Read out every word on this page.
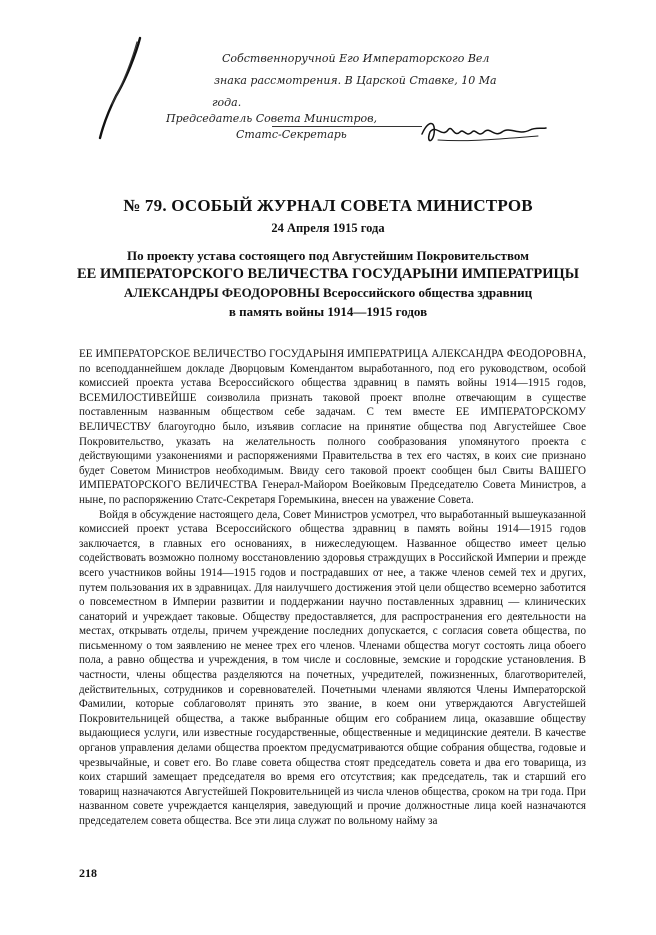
Собственноручной Его Императорского Вел
знака рассмотрения. В Царской Ставке, 10 Ма
года.
Председатель Совета Министров,
Статс-Секретарь
№ 79. ОСОБЫЙ ЖУРНАЛ СОВЕТА МИНИСТРОВ
24 Апреля 1915 года
По проекту устава состоящего под Августейшим Покровительством
ЕЕ ИМПЕРАТОРСКОГО ВЕЛИЧЕСТВА ГОСУДАРЫНИ ИМПЕРАТРИЦЫ
АЛЕКСАНДРЫ ФЕОДОРОВНЫ Всероссийского общества здравниц
в память войны 1914—1915 годов

ЕЕ ИМПЕРАТОРСКОЕ ВЕЛИЧЕСТВО ГОСУДАРЫНЯ ИМПЕРАТРИЦА АЛЕКСАНДРА ФЕОДОРОВНА, по всеподданнейшем докладе Дворцовым Комендантом выработанного, под его руководством, особой комиссией проекта устава Всероссийского общества здравниц в память войны 1914—1915 годов, ВСЕМИЛОСТИВЕЙШЕ соизволила признать таковой проект вполне отвечающим в существе поставленным названным обществом себе задачам. С тем вместе ЕЕ ИМПЕРАТОРСКОМУ ВЕЛИЧЕСТВУ благоугодно было, изъявив согласие на принятие общества под Августейшее Свое Покровительство, указать на желательность полного сообразования упомянутого проекта с действующими узаконениями и распоряжениями Правительства в тех его частях, в коих сие признано будет Советом Министров необходимым. Ввиду сего таковой проект сообщен был Свиты ВАШЕГО ИМПЕРАТОРСКОГО ВЕЛИЧЕСТВА Генерал-Майором Воейковым Председателю Совета Министров, а ныне, по распоряжению Статс-Секретаря Горемыкина, внесен на уважение Совета.

Войдя в обсуждение настоящего дела, Совет Министров усмотрел, что выработанный вышеуказанной комиссией проект устава Всероссийского общества здравниц в память войны 1914—1915 годов заключается, в главных его основаниях, в нижеследующем. Названное общество имеет целью содействовать возможно полному восстановлению здоровья страждущих в Российской Империи и прежде всего участников войны 1914—1915 годов и пострадавших от нее, а также членов семей тех и других, путем пользования их в здравницах. Для наилучшего достижения этой цели общество всемерно заботится о повсеместном в Империи развитии и поддержании научно поставленных здравниц — клинических санаторий и учреждает таковые. Обществу предоставляется, для распространения его деятельности на местах, открывать отделы, причем учреждение последних допускается, с согласия совета общества, по письменному о том заявлению не менее трех его членов. Членами общества могут состоять лица обоего пола, а равно общества и учреждения, в том числе и сословные, земские и городские установления. В частности, члены общества разделяются на почетных, учредителей, пожизненных, благотворителей, действительных, сотрудников и соревнователей. Почетными членами являются Члены Императорской Фамилии, которые соблаговолят принять это звание, в коем они утверждаются Августейшей Покровительницей общества, а также выбранные общим его собранием лица, оказавшие обществу выдающиеся услуги, или известные государственные, общественные и медицинские деятели. В качестве органов управления делами общества проектом предусматриваются общие собрания общества, годовые и чрезвычайные, и совет его. Во главе совета общества стоят председатель совета и два его товарища, из коих старший замещает председателя во время его отсутствия; как председатель, так и старший его товарищ назначаются Августейшей Покровительницей из числа членов общества, сроком на три года. При названном совете учреждается канцелярия, заведующий и прочие должностные лица коей назначаются председателем совета общества. Все эти лица служат по вольному найму за

218
